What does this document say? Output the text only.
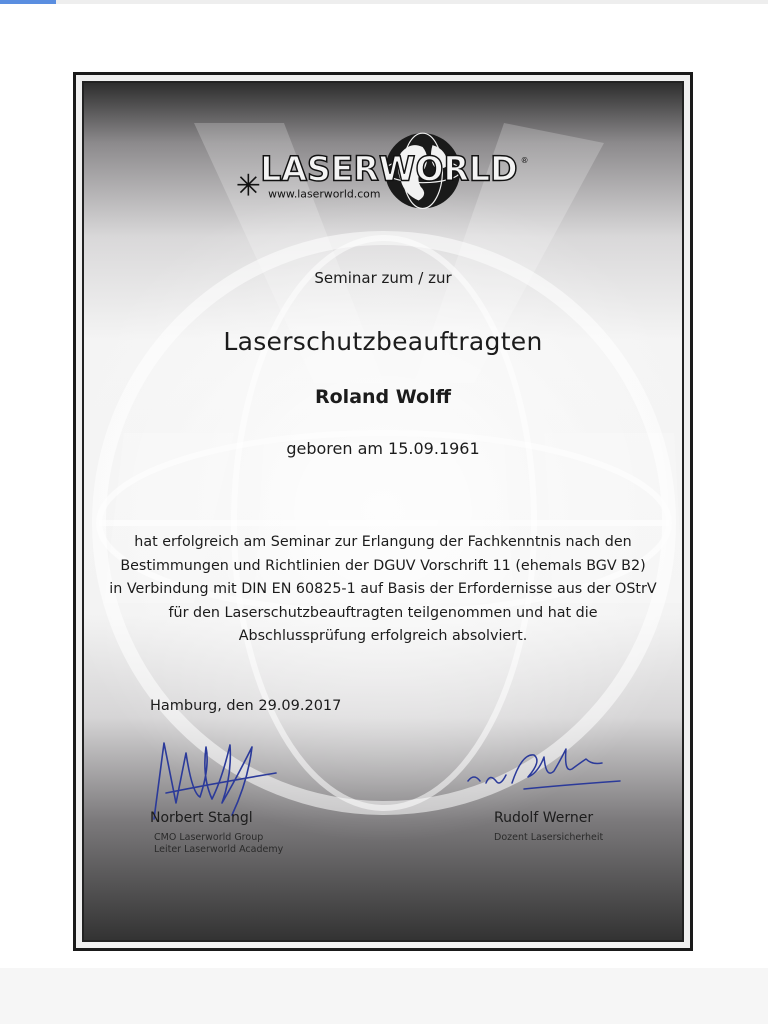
LASERWORLD ®
www.laserworld.com
Seminar zum / zur
Laserschutzbeauftragten
Roland Wolff
geboren am 15.09.1961
hat erfolgreich am Seminar zur Erlangung der Fachkenntnis nach den
Bestimmungen und Richtlinien der DGUV Vorschrift 11 (ehemals BGV B2)
in Verbindung mit DIN EN 60825-1 auf Basis der Erfordernisse aus der OStrV
für den Laserschutzbeauftragten teilgenommen und hat die
Abschlussprüfung erfolgreich absolviert.
Hamburg, den 29.09.2017
Norbert Stangl
CMO Laserworld Group
Leiter Laserworld Academy
Rudolf Werner
Dozent Lasersicherheit
